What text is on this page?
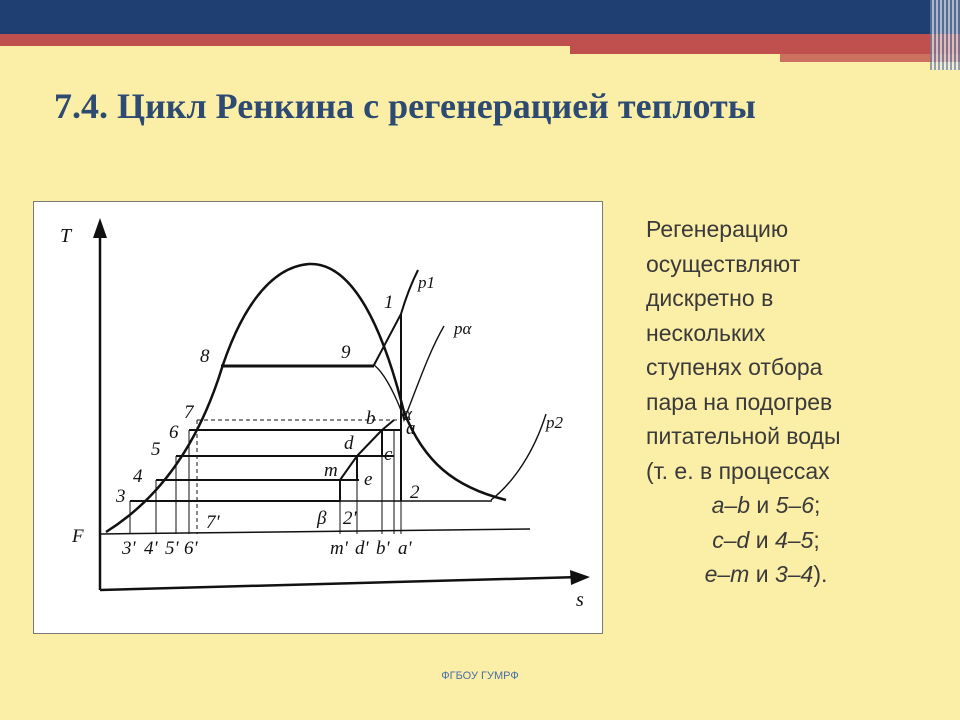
7.4. Цикл Ренкина с регенерацией теплоты
T
s
F
1
2
3
4
5
6
7
8	9
a
b
c
d
e
m
α
β
7'	2'
3' 4' 5' 6'	m' d' b' a'
p1
pα
p2

Регенерацию

осуществляют

дискретно в

нескольких

ступенях отбора

пара на подогрев

питательной воды

(т. е. в процессах

a–b и 5–6;

c–d и 4–5;

e–m и 3–4).

ФГБОУ ГУМРФ
